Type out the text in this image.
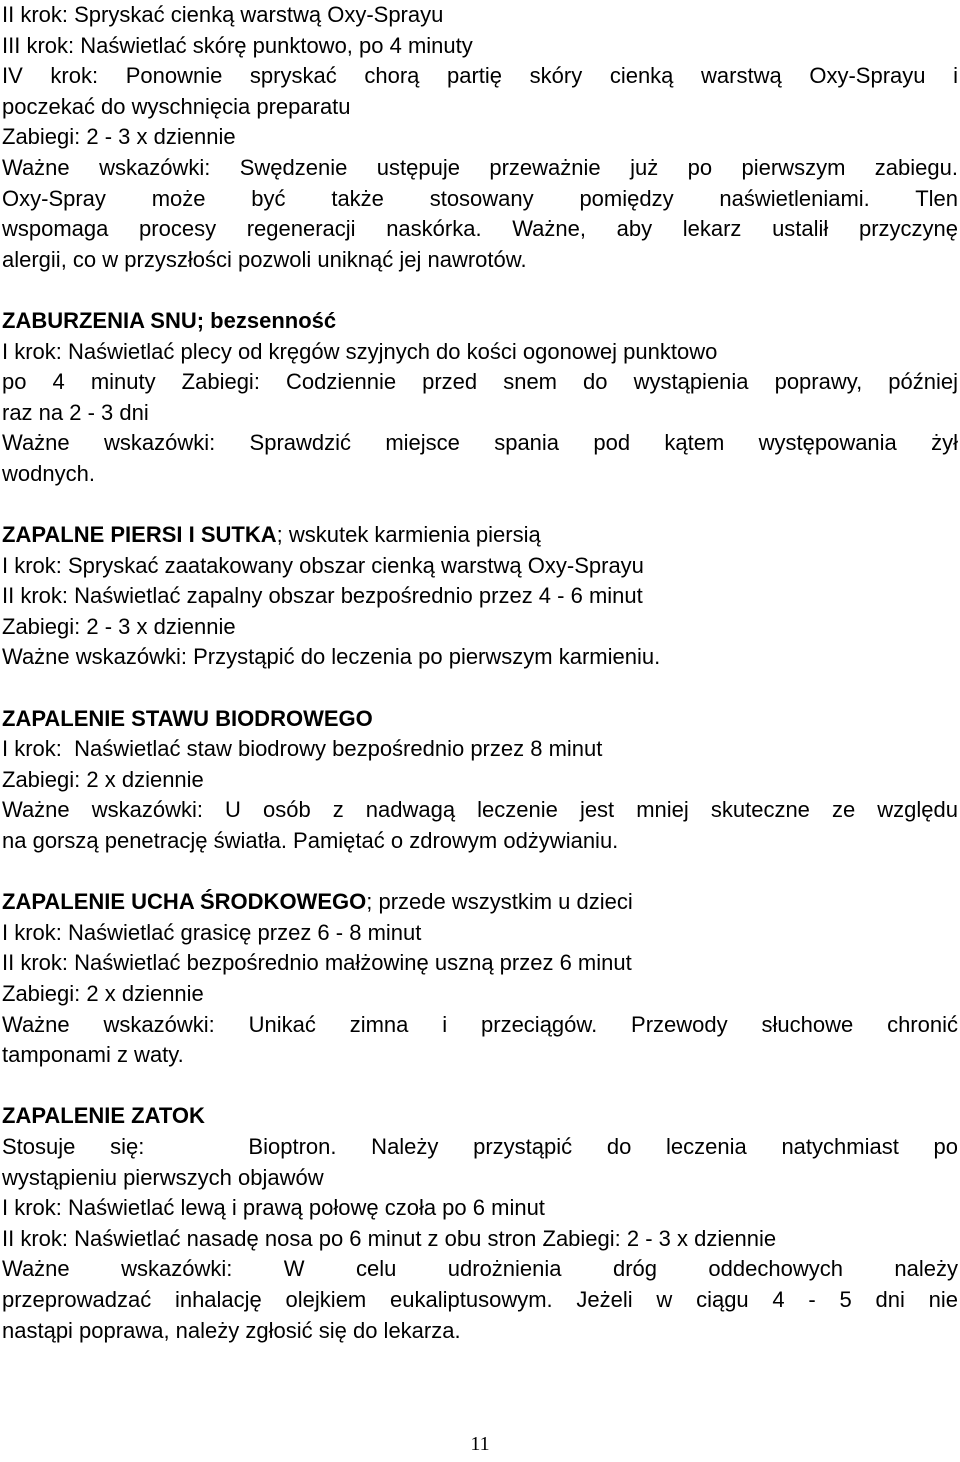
II krok: Spryskać cienką warstwą Oxy-Sprayu
III krok: Naświetlać skórę punktowo, po 4 minuty
IV krok: Ponownie spryskać chorą partię skóry cienką warstwą Oxy-Sprayu i
poczekać do wyschnięcia preparatu
Zabiegi: 2 - 3 x dziennie
Ważne wskazówki: Swędzenie ustępuje przeważnie już po pierwszym zabiegu.
Oxy-Spray może być także stosowany pomiędzy naświetleniami. Tlen
wspomaga procesy regeneracji naskórka. Ważne, aby lekarz ustalił przyczynę
alergii, co w przyszłości pozwoli uniknąć jej nawrotów.
ZABURZENIA SNU; bezsenność
I krok: Naświetlać plecy od kręgów szyjnych do kości ogonowej punktowo
po 4 minuty Zabiegi: Codziennie przed snem do wystąpienia poprawy, później
raz na 2 - 3 dni
Ważne wskazówki: Sprawdzić miejsce spania pod kątem występowania żył
wodnych.
ZAPALNE PIERSI I SUTKA; wskutek karmienia piersią
I krok: Spryskać zaatakowany obszar cienką warstwą Oxy-Sprayu
II krok: Naświetlać zapalny obszar bezpośrednio przez 4 - 6 minut
Zabiegi: 2 - 3 x dziennie
Ważne wskazówki: Przystąpić do leczenia po pierwszym karmieniu.
ZAPALENIE STAWU BIODROWEGO
I krok:  Naświetlać staw biodrowy bezpośrednio przez 8 minut
Zabiegi: 2 x dziennie
Ważne wskazówki: U osób z nadwagą leczenie jest mniej skuteczne ze względu
na gorszą penetrację światła. Pamiętać o zdrowym odżywianiu.
ZAPALENIE UCHA ŚRODKOWEGO; przede wszystkim u dzieci
I krok: Naświetlać grasicę przez 6 - 8 minut
II krok: Naświetlać bezpośrednio małżowinę uszną przez 6 minut
Zabiegi: 2 x dziennie
Ważne wskazówki: Unikać zimna i przeciągów. Przewody słuchowe chronić
tamponami z waty.
ZAPALENIE ZATOK
Stosuje się:   Bioptron. Należy przystąpić do leczenia natychmiast po
wystąpieniu pierwszych objawów
I krok: Naświetlać lewą i prawą połowę czoła po 6 minut
II krok: Naświetlać nasadę nosa po 6 minut z obu stron Zabiegi: 2 - 3 x dziennie
Ważne wskazówki: W celu udrożnienia dróg oddechowych należy
przeprowadzać inhalację olejkiem eukaliptusowym. Jeżeli w ciągu 4 - 5 dni nie
nastąpi poprawa, należy zgłosić się do lekarza.
11
